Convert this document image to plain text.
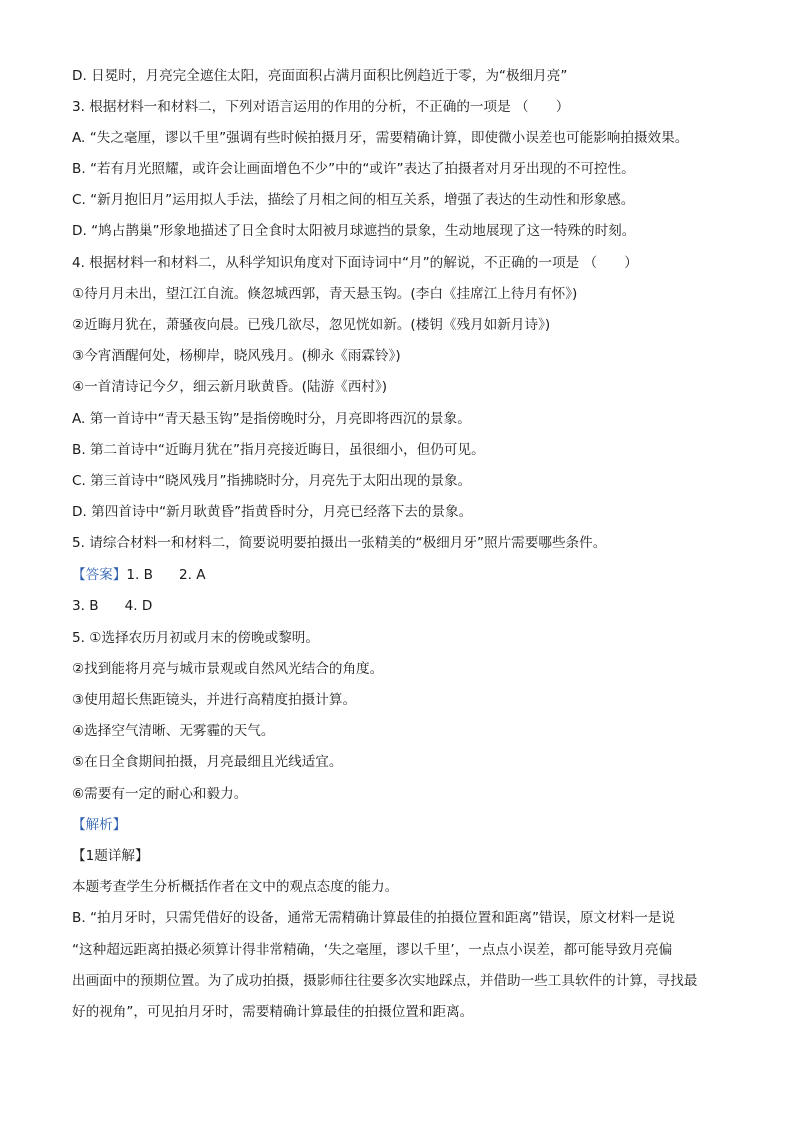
D. 日冕时，月亮完全遮住太阳，亮面面积占满月面积比例趋近于零，为“极细月亮”
3. 根据材料一和材料二，下列对语言运用的作用的分析，不正确的一项是 （　　）
A. “失之毫厘，谬以千里”强调有些时候拍摄月牙，需要精确计算，即使微小误差也可能影响拍摄效果。
B. “若有月光照耀，或许会让画面增色不少”中的“或许”表达了拍摄者对月牙出现的不可控性。
C. “新月抱旧月”运用拟人手法，描绘了月相之间的相互关系，增强了表达的生动性和形象感。
D. “鸠占鹊巢”形象地描述了日全食时太阳被月球遮挡的景象，生动地展现了这一特殊的时刻。
4. 根据材料一和材料二，从科学知识角度对下面诗词中“月”的解说，不正确的一项是 （　　）
①待月月未出，望江江自流。倏忽城西郭，青天悬玉钩。(李白《挂席江上待月有怀》)
②近晦月犹在，萧骚夜向晨。已残几欲尽，忽见恍如新。(楼钥《残月如新月诗》)
③今宵酒醒何处，杨柳岸，晓风残月。(柳永《雨霖铃》)
④一首清诗记今夕，细云新月耿黄昏。(陆游《西村》)
A. 第一首诗中“青天悬玉钩”是指傍晚时分，月亮即将西沉的景象。
B. 第二首诗中“近晦月犹在”指月亮接近晦日，虽很细小，但仍可见。
C. 第三首诗中“晓风残月”指拂晓时分，月亮先于太阳出现的景象。
D. 第四首诗中“新月耿黄昏”指黄昏时分，月亮已经落下去的景象。
5. 请综合材料一和材料二，简要说明要拍摄出一张精美的“极细月牙”照片需要哪些条件。
【答案】1. B 2. A
3. B 4. D
5. ①选择农历月初或月末的傍晚或黎明。
②找到能将月亮与城市景观或自然风光结合的角度。
③使用超长焦距镜头，并进行高精度拍摄计算。
④选择空气清晰、无雾霾的天气。
⑤在日全食期间拍摄，月亮最细且光线适宜。
⑥需要有一定的耐心和毅力。
【解析】
【1题详解】
本题考查学生分析概括作者在文中的观点态度的能力。
B. “拍月牙时，只需凭借好的设备，通常无需精确计算最佳的拍摄位置和距离”错误，原文材料一是说
“这种超远距离拍摄必须算计得非常精确，‘失之毫厘，谬以千里’，一点点小误差，都可能导致月亮偏
出画面中的预期位置。为了成功拍摄，摄影师往往要多次实地踩点，并借助一些工具软件的计算，寻找最
好的视角”，可见拍月牙时，需要精确计算最佳的拍摄位置和距离。
